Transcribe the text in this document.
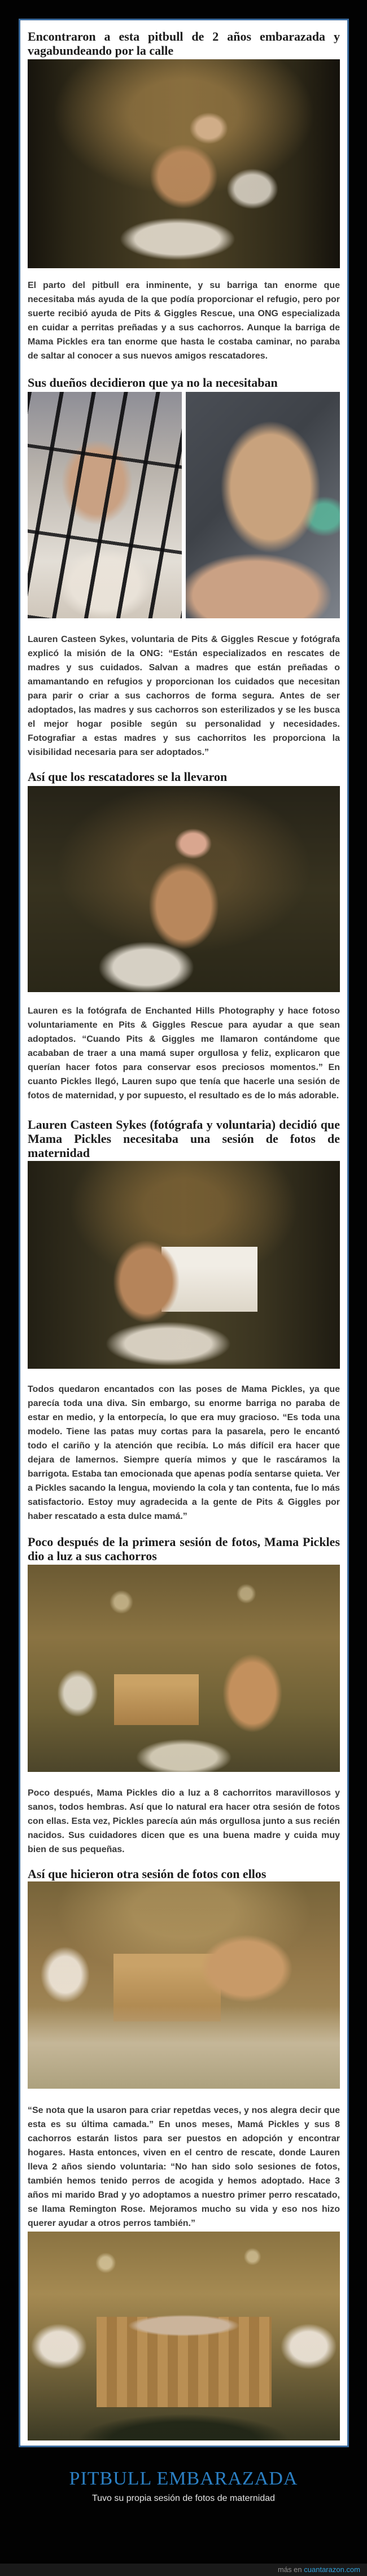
Encontraron a esta pitbull de 2 años embarazada y vagabundeando por la calle

El parto del pitbull era inminente, y su barriga tan enorme que necesitaba más ayuda de la que podía proporcionar el refugio, pero por suerte recibió ayuda de Pits & Giggles Rescue, una ONG especializada en cuidar a perritas preñadas y a sus cachorros. Aunque la barriga de Mama Pickles era tan enorme que hasta le costaba caminar, no paraba de saltar al conocer a sus nuevos amigos rescatadores.

Sus dueños decidieron que ya no la necesitaban

Lauren Casteen Sykes, voluntaria de Pits & Giggles Rescue y fotógrafa explicó la misión de la ONG: “Están especializados en rescates de madres y sus cuidados. Salvan a madres que están preñadas o amamantando en refugios y proporcionan los cuidados que necesitan para parir o criar a sus cachorros de forma segura. Antes de ser adoptados, las madres y sus cachorros son esterilizados y se les busca el mejor hogar posible según su personalidad y necesidades. Fotografiar a estas madres y sus cachorritos les proporciona la visibilidad necesaria para ser adoptados.”

Así que los rescatadores se la llevaron

Lauren es la fotógrafa de Enchanted Hills Photography y hace fotoso voluntariamente en Pits & Giggles Rescue para ayudar a que sean adoptados. “Cuando Pits & Giggles me llamaron contándome que acababan de traer a una mamá super orgullosa y feliz, explicaron que querían hacer fotos para conservar esos preciosos momentos.” En cuanto Pickles llegó, Lauren supo que tenía que hacerle una sesión de fotos de maternidad, y por supuesto, el resultado es de lo más adorable.

Lauren Casteen Sykes (fotógrafa y voluntaria) decidió que Mama Pickles necesitaba una sesión de fotos de maternidad

Todos quedaron encantados con las poses de Mama Pickles, ya que parecía toda una diva. Sin embargo, su enorme barriga no paraba de estar en medio, y la entorpecía, lo que era muy gracioso. “Es toda una modelo. Tiene las patas muy cortas para la pasarela, pero le encantó todo el cariño y la atención que recibía. Lo más difícil era hacer que dejara de lamernos. Siempre quería mimos y que le rascáramos la barrigota. Estaba tan emocionada que apenas podía sentarse quieta. Ver a Pickles sacando la lengua, moviendo la cola y tan contenta, fue lo más satisfactorio. Estoy muy agradecida a la gente de Pits & Giggles por haber rescatado a esta dulce mamá.”

Poco después de la primera sesión de fotos, Mama Pickles dio a luz a sus cachorros

Poco después, Mama Pickles dio a luz a 8 cachorritos maravillosos y sanos, todos hembras. Así que lo natural era hacer otra sesión de fotos con ellas. Esta vez, Pickles parecía aún más orgullosa junto a sus recién nacidos. Sus cuidadores dicen que es una buena madre y cuida muy bien de sus pequeñas.

Así que hicieron otra sesión de fotos con ellos

“Se nota que la usaron para criar repetdas veces, y nos alegra decir que esta es su última camada.” En unos meses, Mamá Pickles y sus 8 cachorros estarán listos para ser puestos en adopción y encontrar hogares. Hasta entonces, viven en el centro de rescate, donde Lauren lleva 2 años siendo voluntaria: “No han sido solo sesiones de fotos, también hemos tenido perros de acogida y hemos adoptado. Hace 3 años mi marido Brad y yo adoptamos a nuestro primer perro rescatado, se llama Remington Rose. Mejoramos mucho su vida y eso nos hizo querer ayudar a otros perros también.”

PITBULL EMBARAZADA

Tuvo su propia sesión de fotos de maternidad

más en cuantarazon.com
